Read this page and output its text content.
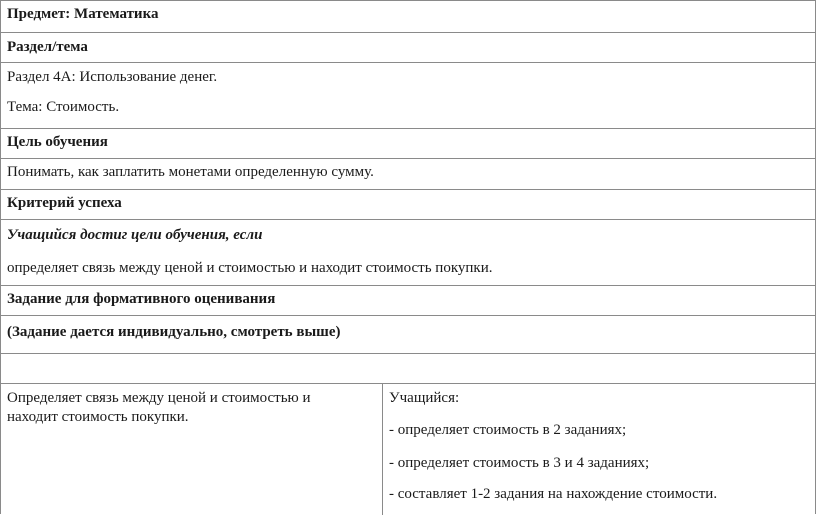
Предмет: Математика
Раздел/тема
Раздел 4А: Использование денег.
Тема: Стоимость.
Цель обучения
Понимать, как заплатить монетами определенную сумму.
Критерий успеха
Учащийся достиг цели обучения, если
определяет связь между ценой и стоимостью и находит стоимость покупки.
Задание для формативного оценивания
(Задание дается индивидуально, смотреть выше)
Определяет связь между ценой и стоимостью и
находит стоимость покупки.
Учащийся:
- определяет стоимость в 2 заданиях;
- определяет стоимость в 3 и 4 заданиях;
- составляет 1-2 задания на нахождение стоимости.
